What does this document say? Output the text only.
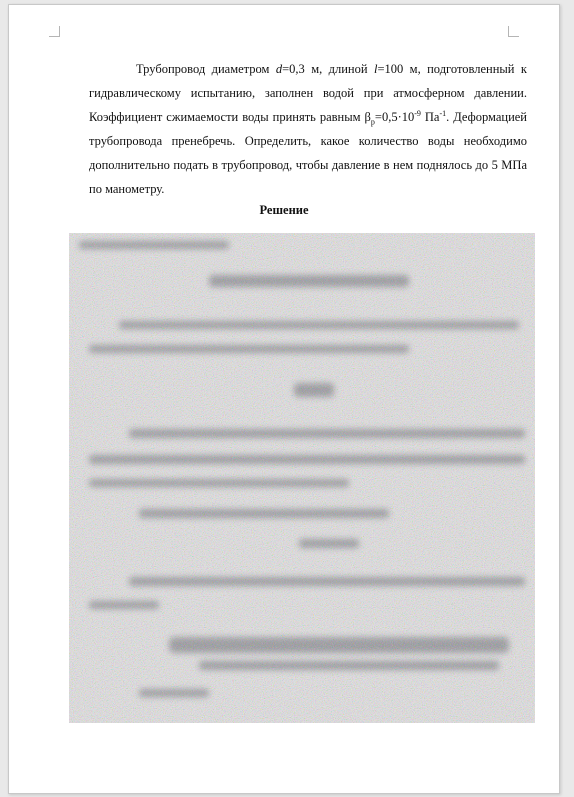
Трубопровод диаметром d=0,3 м, длиной l=100 м, подготовленный к гидравлическому испытанию, заполнен водой при атмосферном давлении. Коэффициент сжимаемости воды принять равным $\beta_p=0,5\cdot 10^{-9}$ $Па^{-1}$. Деформацией трубопровода пренебречь. Определить, какое количество воды необходимо дополнительно подать в трубопровод, чтобы давление в нем поднялось до 5 МПа по манометру.
Решение
